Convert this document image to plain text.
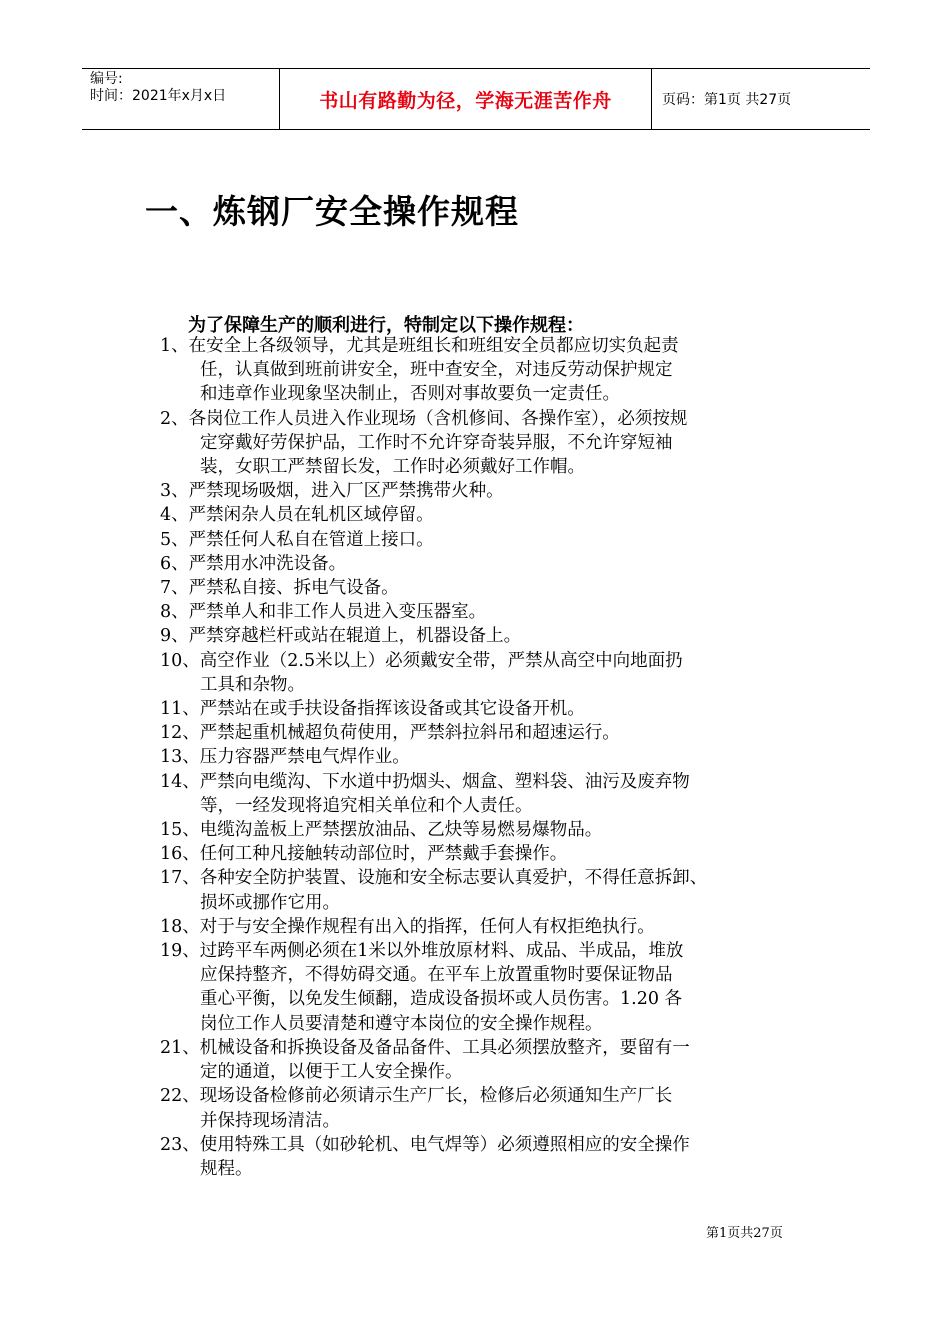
编号:
时间：2021年x月x日	书山有路勤为径，学海无涯苦作舟	页码：第1页 共27页
一、炼钢厂安全操作规程
为了保障生产的顺利进行，特制定以下操作规程：
1、在安全上各级领导，尤其是班组长和班组安全员都应切实负起责
任，认真做到班前讲安全，班中查安全，对违反劳动保护规定
和违章作业现象坚决制止，否则对事故要负一定责任。
2、各岗位工作人员进入作业现场（含机修间、各操作室），必须按规
定穿戴好劳保护品，工作时不允许穿奇装异服，不允许穿短袖
装，女职工严禁留长发，工作时必须戴好工作帽。
3、严禁现场吸烟，进入厂区严禁携带火种。
4、严禁闲杂人员在轧机区域停留。
5、严禁任何人私自在管道上接口。
6、严禁用水冲洗设备。
7、严禁私自接、拆电气设备。
8、严禁单人和非工作人员进入变压器室。
9、严禁穿越栏杆或站在辊道上，机器设备上。
10、高空作业（2.5米以上）必须戴安全带，严禁从高空中向地面扔
工具和杂物。
11、严禁站在或手扶设备指挥该设备或其它设备开机。
12、严禁起重机械超负荷使用，严禁斜拉斜吊和超速运行。
13、压力容器严禁电气焊作业。
14、严禁向电缆沟、下水道中扔烟头、烟盒、塑料袋、油污及废弃物
等，一经发现将追究相关单位和个人责任。
15、电缆沟盖板上严禁摆放油品、乙炔等易燃易爆物品。
16、任何工种凡接触转动部位时，严禁戴手套操作。
17、各种安全防护装置、设施和安全标志要认真爱护，不得任意拆卸、
损坏或挪作它用。
18、对于与安全操作规程有出入的指挥，任何人有权拒绝执行。
19、过跨平车两侧必须在1米以外堆放原材料、成品、半成品，堆放
应保持整齐，不得妨碍交通。在平车上放置重物时要保证物品
重心平衡，以免发生倾翻，造成设备损坏或人员伤害。1.20 各
岗位工作人员要清楚和遵守本岗位的安全操作规程。
21、机械设备和拆换设备及备品备件、工具必须摆放整齐，要留有一
定的通道，以便于工人安全操作。
22、现场设备检修前必须请示生产厂长，检修后必须通知生产厂长
并保持现场清洁。
23、使用特殊工具（如砂轮机、电气焊等）必须遵照相应的安全操作
规程。
第1页共27页
